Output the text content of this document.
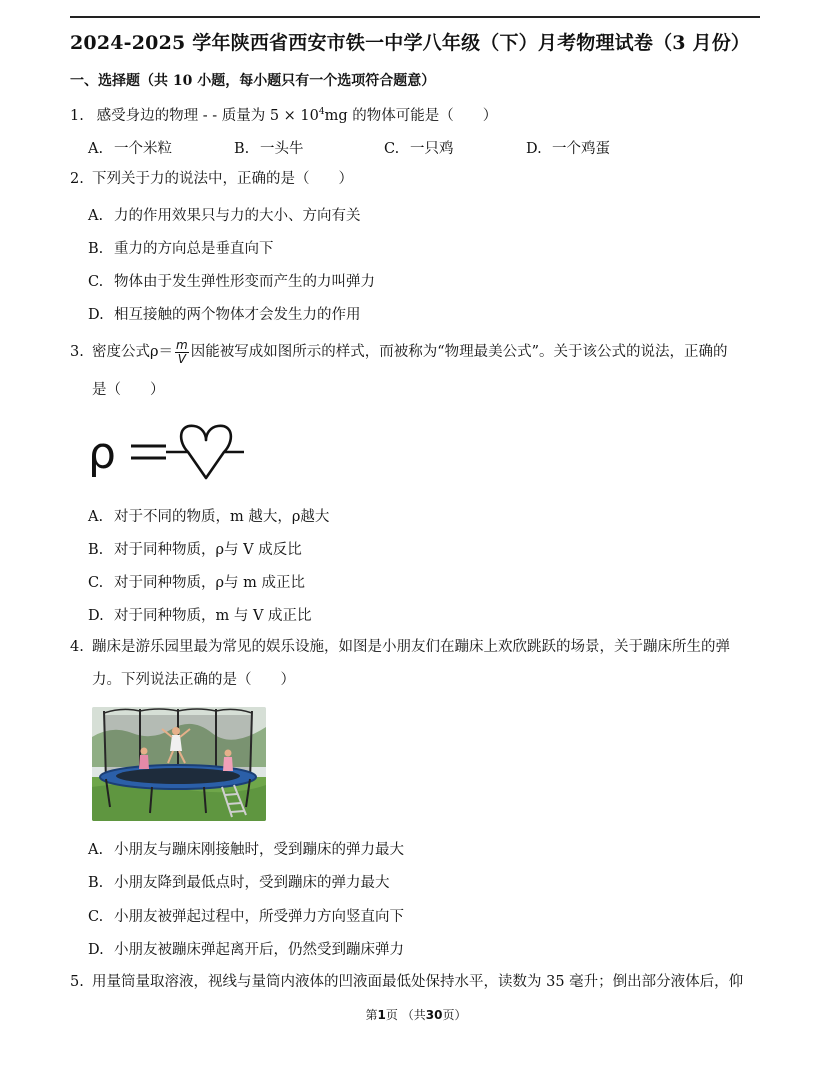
2024-2025 学年陕西省西安市铁一中学八年级（下）月考物理试卷（3 月份）
一、选择题（共 10 小题，每小题只有一个选项符合题意）
1. 感受身边的物理 - - 质量为 $5 \times 10^4mg$ 的物体可能是（　　）
A. 一个米粒	B. 一头牛	C. 一只鸡	D. 一个鸡蛋
2. 下列关于力的说法中，正确的是（　　）
A. 力的作用效果只与力的大小、方向有关
B. 重力的方向总是垂直向下
C. 物体由于发生弹性形变而产生的力叫弹力
D. 相互接触的两个物体才会发生力的作用
3. 密度公式$\rho= \frac{m}{V}$ 因能被写成如图所示的样式，而被称为“物理最美公式”。关于该公式的说法，正确的
是（　　）
ρ
A. 对于不同的物质，m 越大，ρ越大
B. 对于同种物质，ρ与 V 成反比
C. 对于同种物质，ρ与 m 成正比
D. 对于同种物质，m 与 V 成正比
4. 蹦床是游乐园里最为常见的娱乐设施，如图是小朋友们在蹦床上欢欣跳跃的场景，关于蹦床所生的弹
力。下列说法正确的是（　　）
A. 小朋友与蹦床刚接触时，受到蹦床的弹力最大
B. 小朋友降到最低点时，受到蹦床的弹力最大
C. 小朋友被弹起过程中，所受弹力方向竖直向下
D. 小朋友被蹦床弹起离开后，仍然受到蹦床弹力
5. 用量筒量取溶液，视线与量筒内液体的凹液面最低处保持水平，读数为 35 毫升；倒出部分液体后，仰
第1页 （共30页）
